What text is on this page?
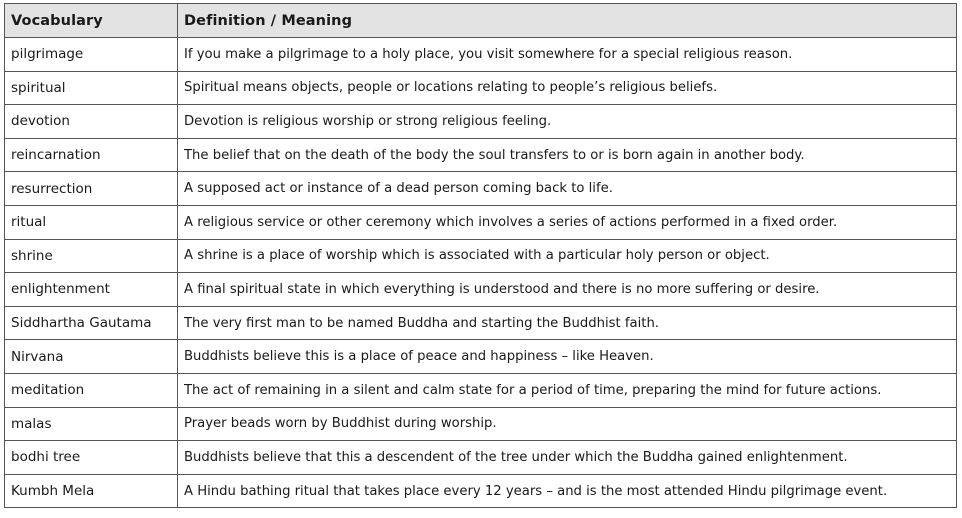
Vocabulary	Definition / Meaning
pilgrimage	If you make a pilgrimage to a holy place, you visit somewhere for a special religious reason.
spiritual	Spiritual means objects, people or locations relating to people’s religious beliefs.
devotion	Devotion is religious worship or strong religious feeling.
reincarnation	The belief that on the death of the body the soul transfers to or is born again in another body.
resurrection	A supposed act or instance of a dead person coming back to life.
ritual	A religious service or other ceremony which involves a series of actions performed in a fixed order.
shrine	A shrine is a place of worship which is associated with a particular holy person or object.
enlightenment	A final spiritual state in which everything is understood and there is no more suffering or desire.
Siddhartha Gautama	The very first man to be named Buddha and starting the Buddhist faith.
Nirvana	Buddhists believe this is a place of peace and happiness – like Heaven.
meditation	The act of remaining in a silent and calm state for a period of time, preparing the mind for future actions.
malas	Prayer beads worn by Buddhist during worship.
bodhi tree	Buddhists believe that this a descendent of the tree under which the Buddha gained enlightenment.
Kumbh Mela	A Hindu bathing ritual that takes place every 12 years – and is the most attended Hindu pilgrimage event.
